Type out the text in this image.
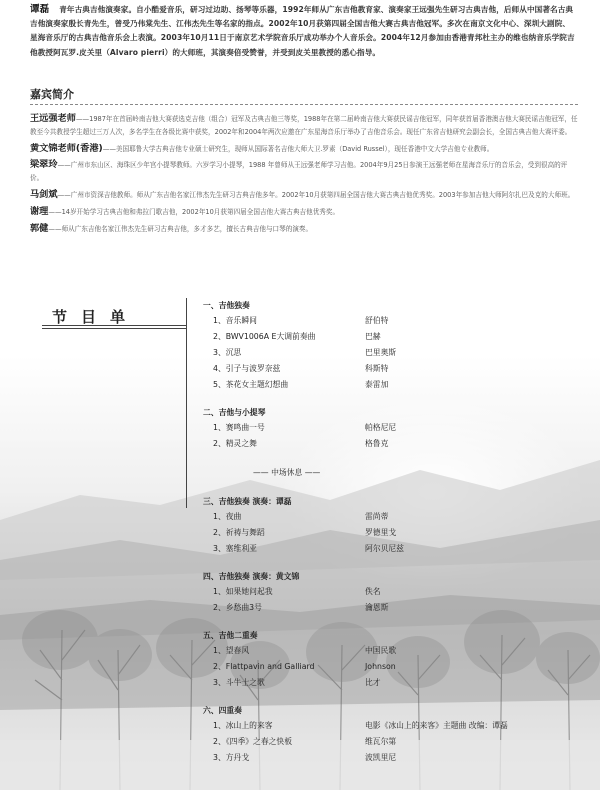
谭磊 青年古典吉他演奏家。自小酷爱音乐，研习过边助、扬琴等乐器，1992年师从广东吉他教育家、演奏家王远强先生研习古典吉他，后师从中国著名古典吉他演奏家殷长青先生，曾受乃伟棠先生、江伟杰先生等名家的指点。2002年10月获第四届全国吉他大赛古典吉他冠军。多次在南京文化中心、深圳大剧院、星海音乐厅的古典吉他音乐会上表演。2003年10月11日于南京艺术学院音乐厅成功举办个人音乐会。2004年12月参加由香港青邦杜主办的维也纳音乐学院吉他教授阿瓦罗.皮关里（Alvaro pierri）的大师班，其演奏倍受赞誉，并受到皮关里教授的悉心指导。
嘉宾简介
王远强老师——1987年在首届岭南吉他大赛获选克吉他（组合）冠军及古典吉他三等奖，1988年在第二届岭南吉他大赛获民谣吉他冠军，同年获首届香港澳吉他大赛民谣吉他冠军，任教至今共教授学生超过三万人次，多名学生在各级比赛中获奖，2002年和2004年两次应邀在广东星海音乐厅举办了吉他音乐会。现任广东省吉他研究会副会长，全国古典吉他大赛评委。
黄文锦老师(香港)——美国耶鲁大学古典吉他专业硕士研究生，现师从国际著名吉他大师大卫.罗素（David Russel），现任香港中文大学吉他专业教师。
梁翠玲——广州市东山区、海珠区少年宫小提琴教师。六岁学习小提琴，1988 年曾师从王远强老师学习吉他。2004年9月25日参演王远强老师在星海音乐厅的音乐会，受到很高的评价。
马剑斌——广州市资深吉他教师。师从广东吉他名家江伟杰先生研习古典吉他多年。2002年10月获第四届全国吉他大赛古典吉他优秀奖。2003年参加吉他大师阿尔扎巴及克的大师班。
谢理——14岁开始学习古典吉他和弗拉门歌吉他，2002年10月获第四届全国吉他大赛古典吉他优秀奖。
郭健——师从广东吉他名家江伟杰先生研习古典吉他，多才多艺，擅长古典吉他与口琴的演奏。
节目单
一、吉他独奏
1、音乐瞬间	舒伯特
2、BWV1006A E大调前奏曲	巴赫
3、沉思	巴里奥斯
4、引子与波罗奈兹	科斯特
5、茶花女主题幻想曲	泰雷加
二、吉他与小提琴
1、赛鸣曲一号	帕格尼尼
2、精灵之舞	格鲁克
—— 中场休息 ——
三、吉他独奏 演奏：谭磊
1、夜曲	雷尚蒂
2、祈祷与舞蹈	罗德里戈
3、塞维利亚	阿尔贝尼兹
四、吉他独奏 演奏：黄文锦
1、如果她问起我	佚名
2、乡愁曲3号	瀹恩斯
五、吉他二重奏
1、望春风	中国民歌
2、Flattpavin and Galliard	Johnson
3、斗牛士之歌	比才
六、四重奏
1、冰山上的来客	电影《冰山上的来客》主题曲 改编：谭磊
2、《四季》之春之快板	维瓦尔第
3、方丹戈	波凯里尼
